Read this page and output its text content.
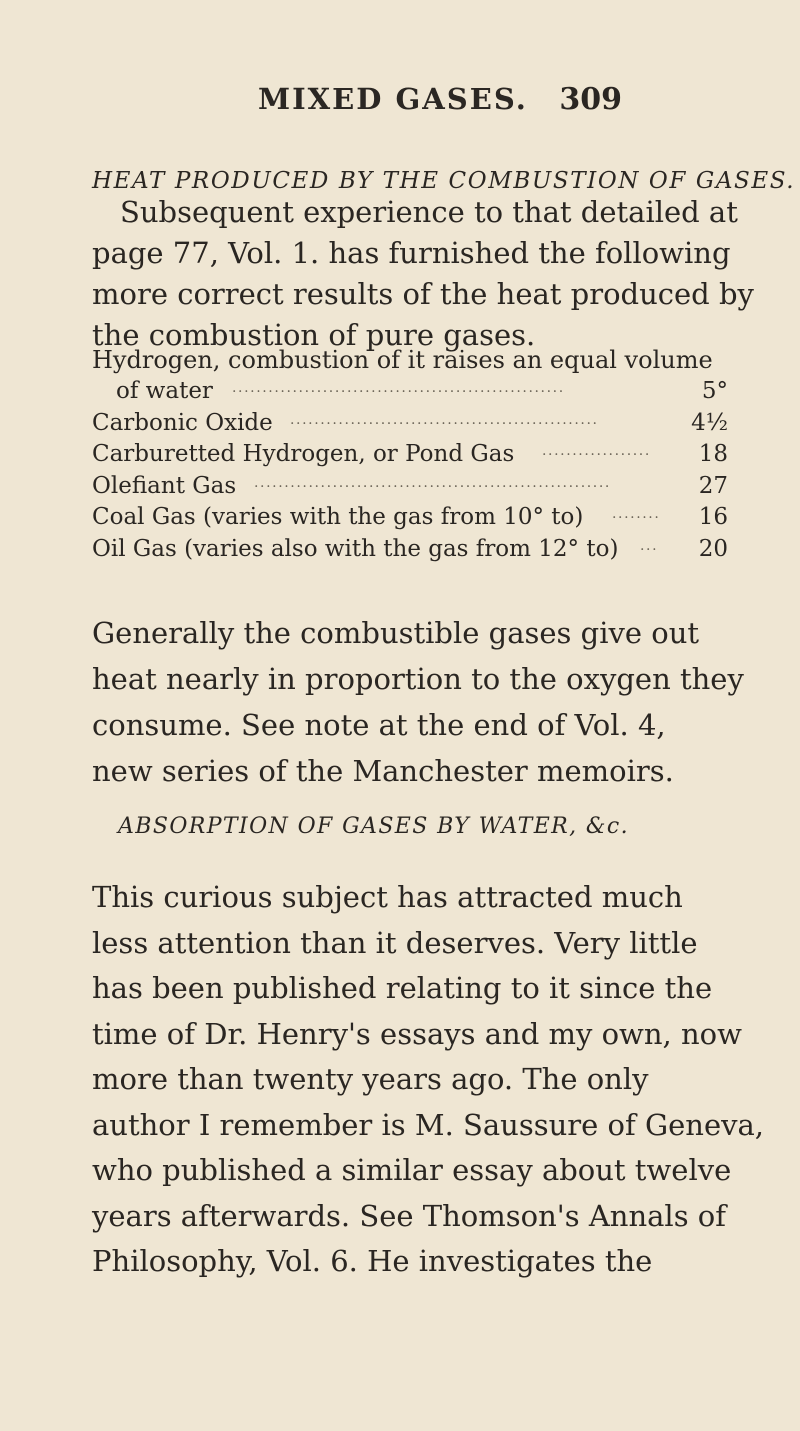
MIXED GASES. 309
HEAT PRODUCED BY THE COMBUSTION OF GASES.
Subsequent experience to that detailed at
page 77, Vol. 1. has furnished the following
more correct results of the heat produced by
the combustion of pure gases.
Hydrogen, combustion of it raises an equal volume
of water .......................................................	5°
Carbonic Oxide ...................................................	4½
Carburetted Hydrogen, or Pond Gas .................. 18
Olefiant Gas ...........................................................	27
Coal Gas (varies with the gas from 10° to) ........ 16
Oil Gas (varies also with the gas from 12° to) ... 20
Generally the combustible gases give out
heat nearly in proportion to the oxygen they
consume. See note at the end of Vol. 4,
new series of the Manchester memoirs.
ABSORPTION OF GASES BY WATER, &c.
This curious subject has attracted much
less attention than it deserves. Very little
has been published relating to it since the
time of Dr. Henry's essays and my own, now
more than twenty years ago. The only
author I remember is M. Saussure of Geneva,
who published a similar essay about twelve
years afterwards. See Thomson's Annals of
Philosophy, Vol. 6. He investigates the
